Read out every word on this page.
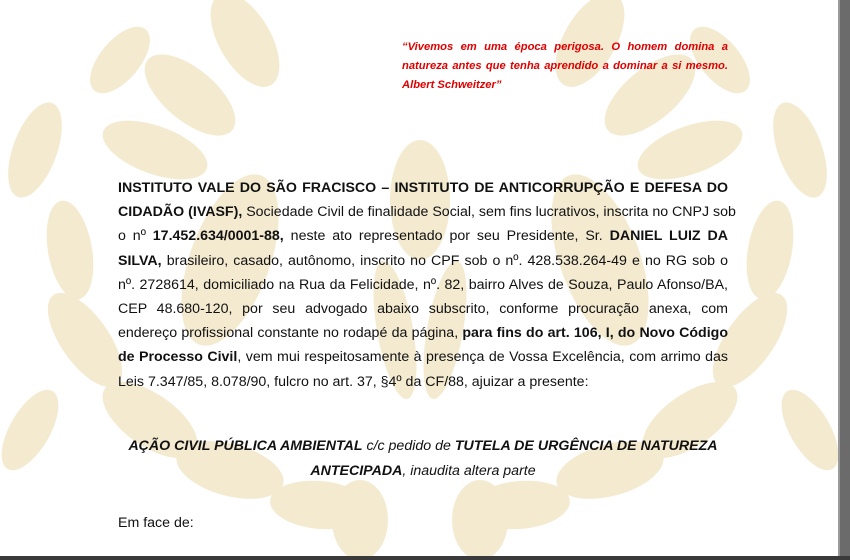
“Vivemos em uma época perigosa. O homem domina a
natureza antes que tenha aprendido a dominar a si mesmo.
Albert Schweitzer”
INSTITUTO VALE DO SÃO FRACISCO – INSTITUTO DE ANTICORRUPÇÃO E DEFESA DO
CIDADÃO (IVASF), Sociedade Civil de finalidade Social, sem fins lucrativos, inscrita no CNPJ sob
o nº 17.452.634/0001-88, neste ato representado por seu Presidente, Sr. DANIEL LUIZ DA
SILVA, brasileiro, casado, autônomo, inscrito no CPF sob o nº. 428.538.264-49 e no RG sob o
nº. 2728614, domiciliado na Rua da Felicidade, nº. 82, bairro Alves de Souza, Paulo Afonso/BA,
CEP 48.680-120, por seu advogado abaixo subscrito, conforme procuração anexa, com
endereço profissional constante no rodapé da página, para fins do art. 106, I, do Novo Código
de Processo Civil, vem mui respeitosamente à presença de Vossa Excelência, com arrimo das
Leis 7.347/85, 8.078/90, fulcro no art. 37, §4º da CF/88, ajuizar a presente:
AÇÃO CIVIL PÚBLICA AMBIENTAL c/c pedido de TUTELA DE URGÊNCIA DE NATUREZA
ANTECIPADA, inaudita altera parte
Em face de:
